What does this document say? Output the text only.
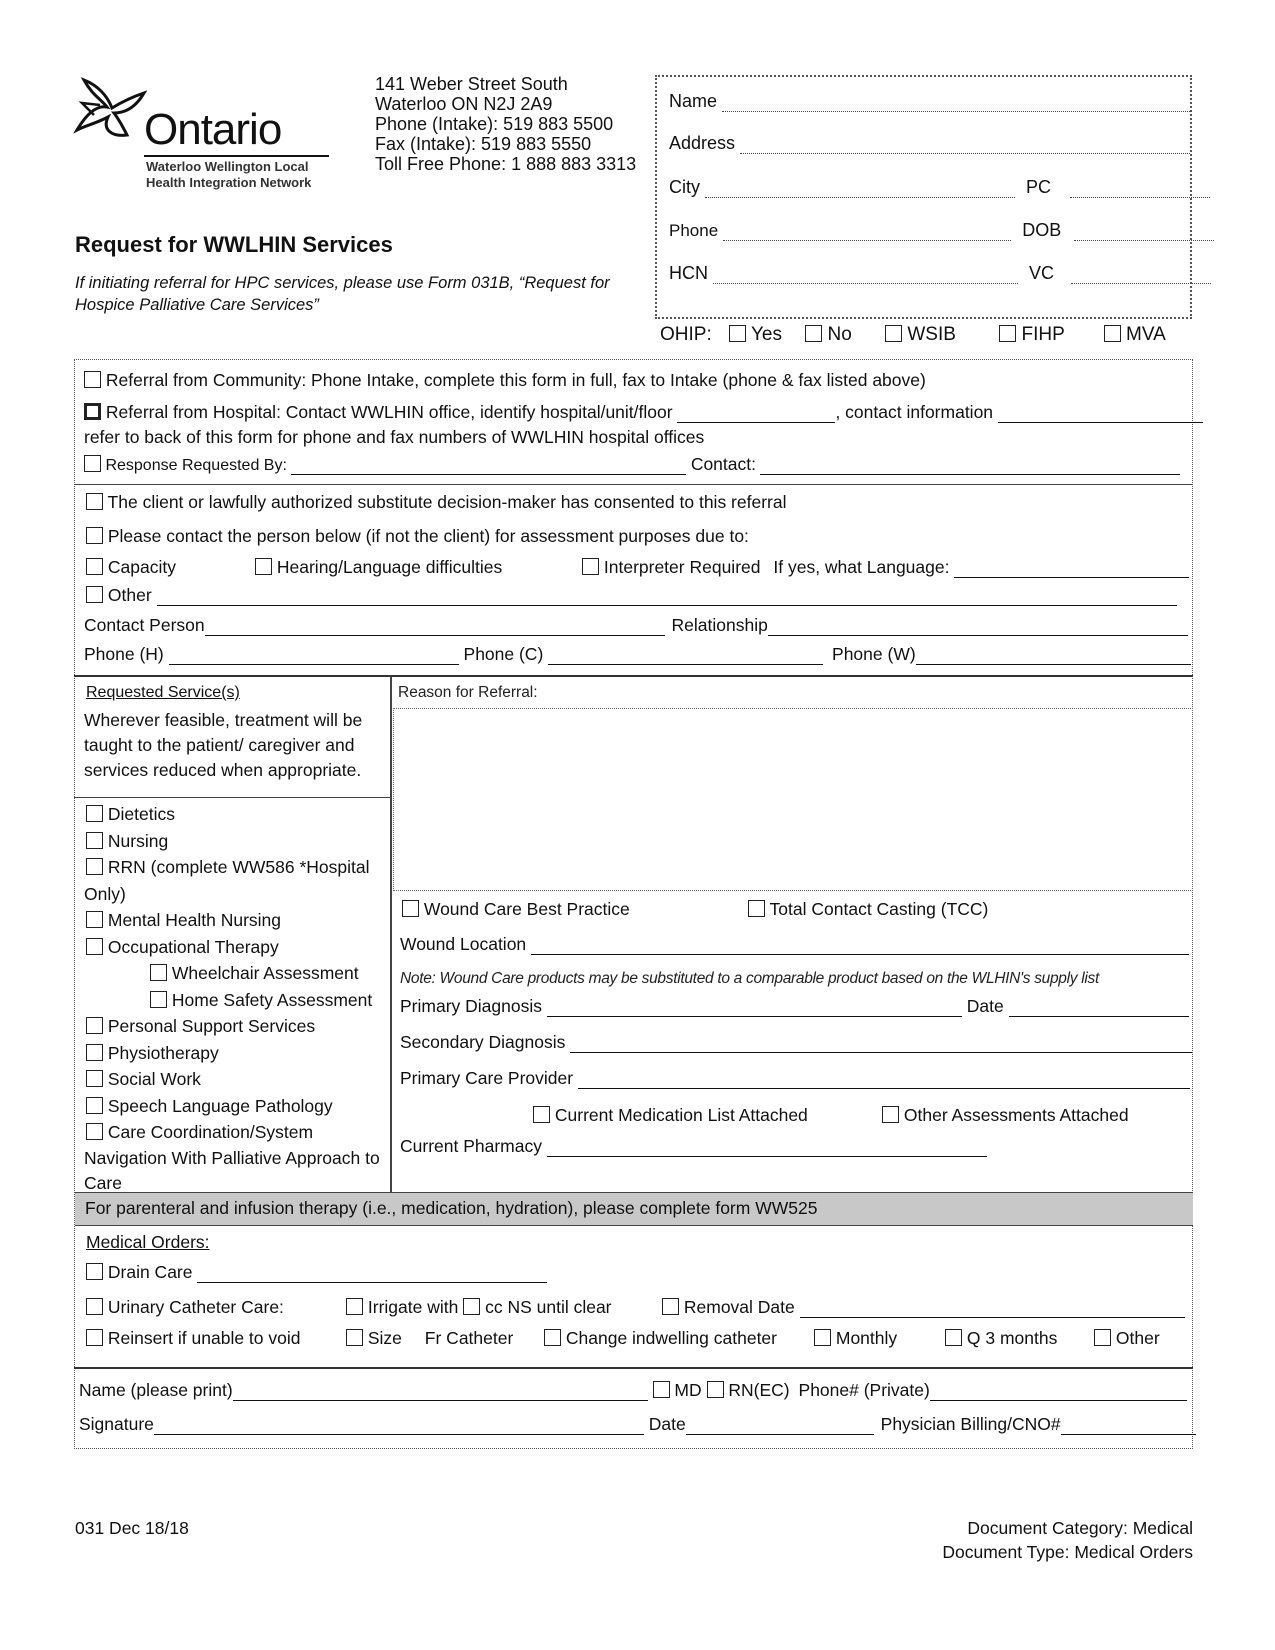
Ontario
Waterloo Wellington Local
Health Integration Network
141 Weber Street South
Waterloo ON N2J 2A9
Phone (Intake): 519 883 5500
Fax (Intake): 519 883 5550
Toll Free Phone: 1 888 883 3313
Request for WWLHIN Services
If initiating referral for HPC services, please use Form 031B, “Request for
Hospice Palliative Care Services”
Name
Address
City	PC
Phone	DOB
HCN	VC
OHIP: Yes No	WSIB	FIHP	MVA
Referral from Community: Phone Intake, complete this form in full, fax to Intake (phone & fax listed above)
Referral from Hospital: Contact WWLHIN office, identify hospital/unit/floor	, contact information
refer to back of this form for phone and fax numbers of WWLHIN hospital offices
Response Requested By:	Contact:
The client or lawfully authorized substitute decision-maker has consented to this referral
Please contact the person below (if not the client) for assessment purposes due to:
Capacity	Hearing/Language difficulties	Interpreter Required If yes, what Language:
Other
Contact Person	Relationship
Phone (H)	Phone (C)	Phone (W)
Requested Service(s)
Wherever feasible, treatment will be
taught to the patient/ caregiver and
services reduced when appropriate.
Dietetics
Nursing
RRN (complete WW586 *Hospital
Only)
Mental Health Nursing
Occupational Therapy
Wheelchair Assessment
Home Safety Assessment
Personal Support Services
Physiotherapy
Social Work
Speech Language Pathology
Care Coordination/System
Navigation With Palliative Approach to
Care
Reason for Referral:
Wound Care Best Practice	Total Contact Casting (TCC)
Wound Location
Note: Wound Care products may be substituted to a comparable product based on the WLHIN's supply list
Primary Diagnosis	Date
Secondary Diagnosis
Primary Care Provider
Current Medication List Attached	Other Assessments Attached
Current Pharmacy
For parenteral and infusion therapy (i.e., medication, hydration), please complete form WW525
Medical Orders:
Drain Care
Urinary Catheter Care:	Irrigate with cc NS until clear	Removal Date
Reinsert if unable to void	Size Fr Catheter	Change indwelling catheter	Monthly	Q 3 months	Other
Name (please print)	MD RN(EC) Phone# (Private)
Signature	Date	Physician Billing/CNO#
031 Dec 18/18	Document Category: Medical
Document Type: Medical Orders
